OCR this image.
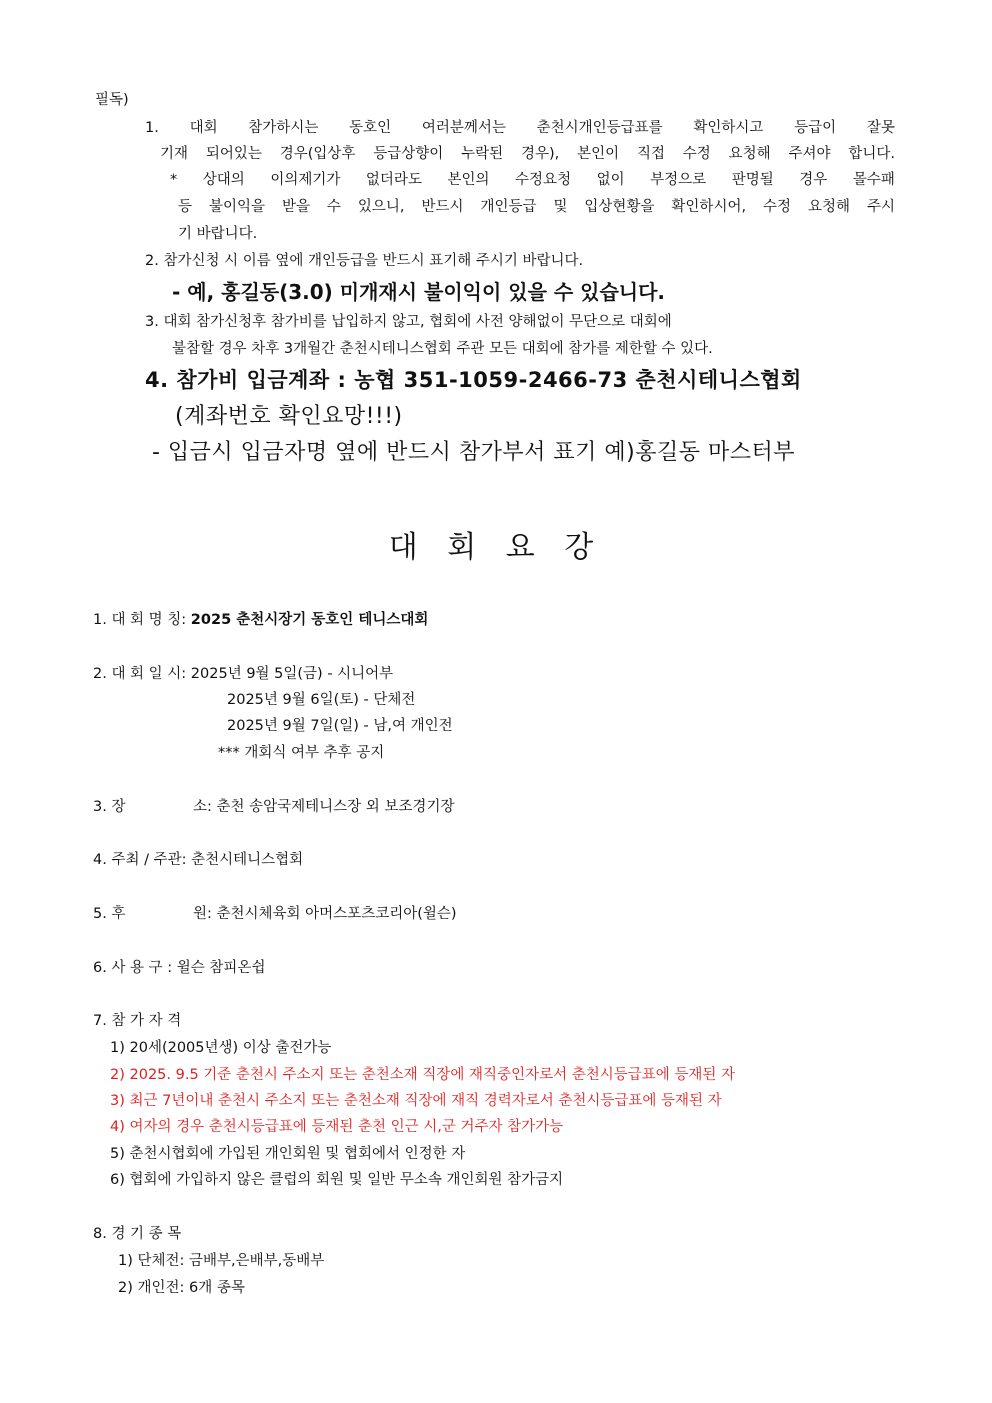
필독)
1. 대회 참가하시는 동호인 여러분께서는 춘천시개인등급표를 확인하시고 등급이 잘못
기재 되어있는 경우(입상후 등급상향이 누락된 경우), 본인이 직접 수정 요청해 주셔야 합니다.
* 상대의 이의제기가 없더라도 본인의 수정요청 없이 부정으로 판명될 경우 몰수패
등 불이익을 받을 수 있으니, 반드시 개인등급 및 입상현황을 확인하시어, 수정 요청해 주시
기 바랍니다.
2. 참가신청 시 이름 옆에 개인등급을 반드시 표기해 주시기 바랍니다.
- 예, 홍길동(3.0) 미개재시 불이익이 있을 수 있습니다.
3. 대회 참가신청후 참가비를 납입하지 않고, 협회에 사전 양해없이 무단으로 대회에
불참할 경우 차후 3개월간 춘천시테니스협회 주관 모든 대회에 참가를 제한할 수 있다.
4. 참가비 입금계좌 : 농협 351-1059-2466-73 춘천시테니스협회
(계좌번호 확인요망!!!)
- 입금시 입금자명 옆에 반드시 참가부서 표기 예)홍길동 마스터부
대 회 요 강
1. 대 회 명 칭: 2025 춘천시장기 동호인 테니스대회
2. 대 회 일 시: 2025년 9월 5일(금) - 시니어부
2025년 9월 6일(토) - 단체전
2025년 9월 7일(일) - 남,여 개인전
*** 개회식 여부 추후 공지
3. 장	소: 춘천 송암국제테니스장 외 보조경기장
4. 주최 / 주관: 춘천시테니스협회
5. 후	원: 춘천시체육회 아머스포츠코리아(윌슨)
6. 사 용 구 : 윌슨 참피온쉽
7. 참 가 자 격
1) 20세(2005년생) 이상 출전가능
2) 2025. 9.5 기준 춘천시 주소지 또는 춘천소재 직장에 재직중인자로서 춘천시등급표에 등재된 자
3) 최근 7년이내 춘천시 주소지 또는 춘천소재 직장에 재직 경력자로서 춘천시등급표에 등재된 자
4) 여자의 경우 춘천시등급표에 등재된 춘천 인근 시,군 거주자 참가가능
5) 춘천시협회에 가입된 개인회원 및 협회에서 인정한 자
6) 협회에 가입하지 않은 클럽의 회원 및 일반 무소속 개인회원 참가금지
8. 경 기 종 목
1) 단체전: 금배부,은배부,동배부
2) 개인전: 6개 종목
